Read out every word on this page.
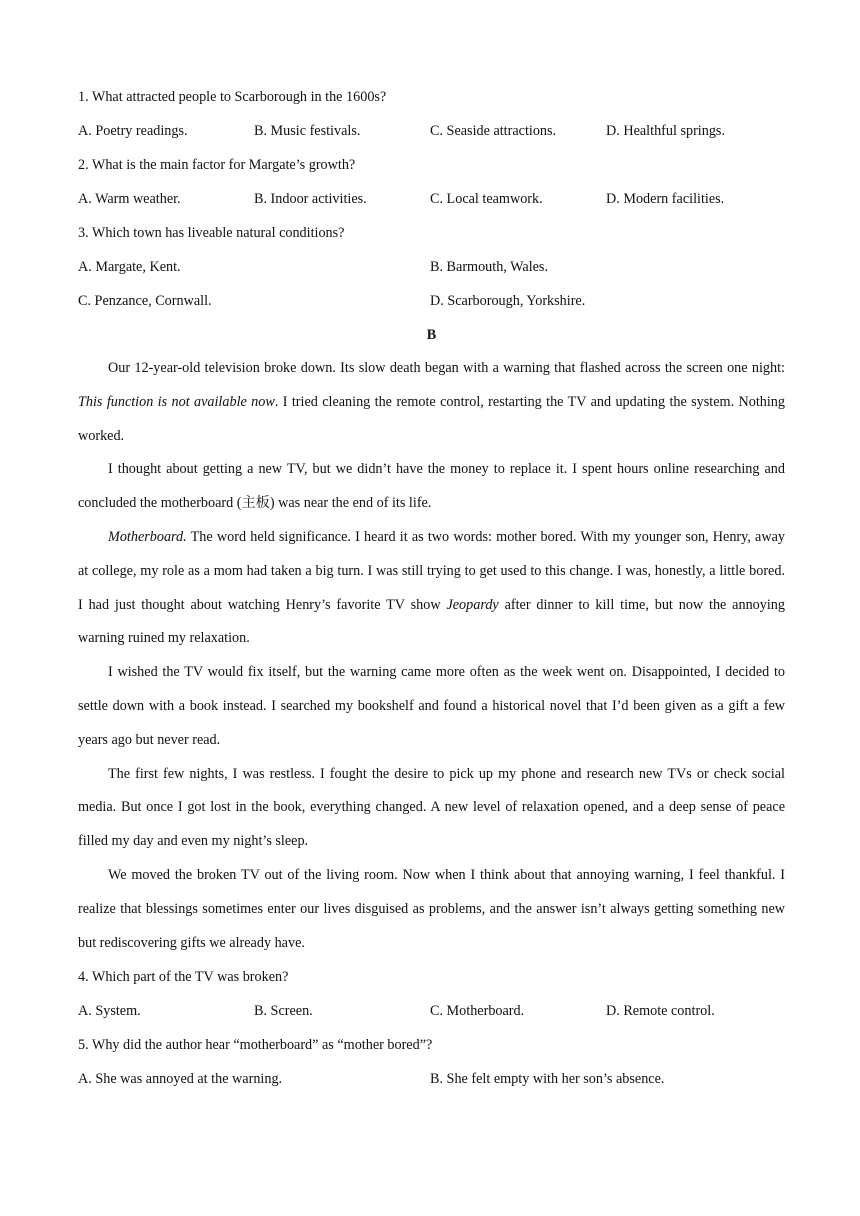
1. What attracted people to Scarborough in the 1600s?
A. Poetry readings.	B. Music festivals.	C. Seaside attractions.	D. Healthful springs.
2. What is the main factor for Margate’s growth?
A. Warm weather.	B. Indoor activities.	C. Local teamwork.	D. Modern facilities.
3. Which town has liveable natural conditions?
A. Margate, Kent.	B. Barmouth, Wales.
C. Penzance, Cornwall.	D. Scarborough, Yorkshire.
B

Our 12-year-old television broke down. Its slow death began with a warning that flashed across the screen one night: This function is not available now. I tried cleaning the remote control, restarting the TV and updating the system. Nothing worked.

I thought about getting a new TV, but we didn’t have the money to replace it. I spent hours online researching and concluded the motherboard (主板) was near the end of its life.

Motherboard. The word held significance. I heard it as two words: mother bored. With my younger son, Henry, away at college, my role as a mom had taken a big turn. I was still trying to get used to this change. I was, honestly, a little bored. I had just thought about watching Henry’s favorite TV show Jeopardy after dinner to kill time, but now the annoying warning ruined my relaxation.

I wished the TV would fix itself, but the warning came more often as the week went on. Disappointed, I decided to settle down with a book instead. I searched my bookshelf and found a historical novel that I’d been given as a gift a few years ago but never read.

The first few nights, I was restless. I fought the desire to pick up my phone and research new TVs or check social media. But once I got lost in the book, everything changed. A new level of relaxation opened, and a deep sense of peace filled my day and even my night’s sleep.

We moved the broken TV out of the living room. Now when I think about that annoying warning, I feel thankful. I realize that blessings sometimes enter our lives disguised as problems, and the answer isn’t always getting something new but rediscovering gifts we already have.

4. Which part of the TV was broken?
A. System.	B. Screen.	C. Motherboard.	D. Remote control.
5. Why did the author hear “motherboard” as “mother bored”?
A. She was annoyed at the warning.	B. She felt empty with her son’s absence.
